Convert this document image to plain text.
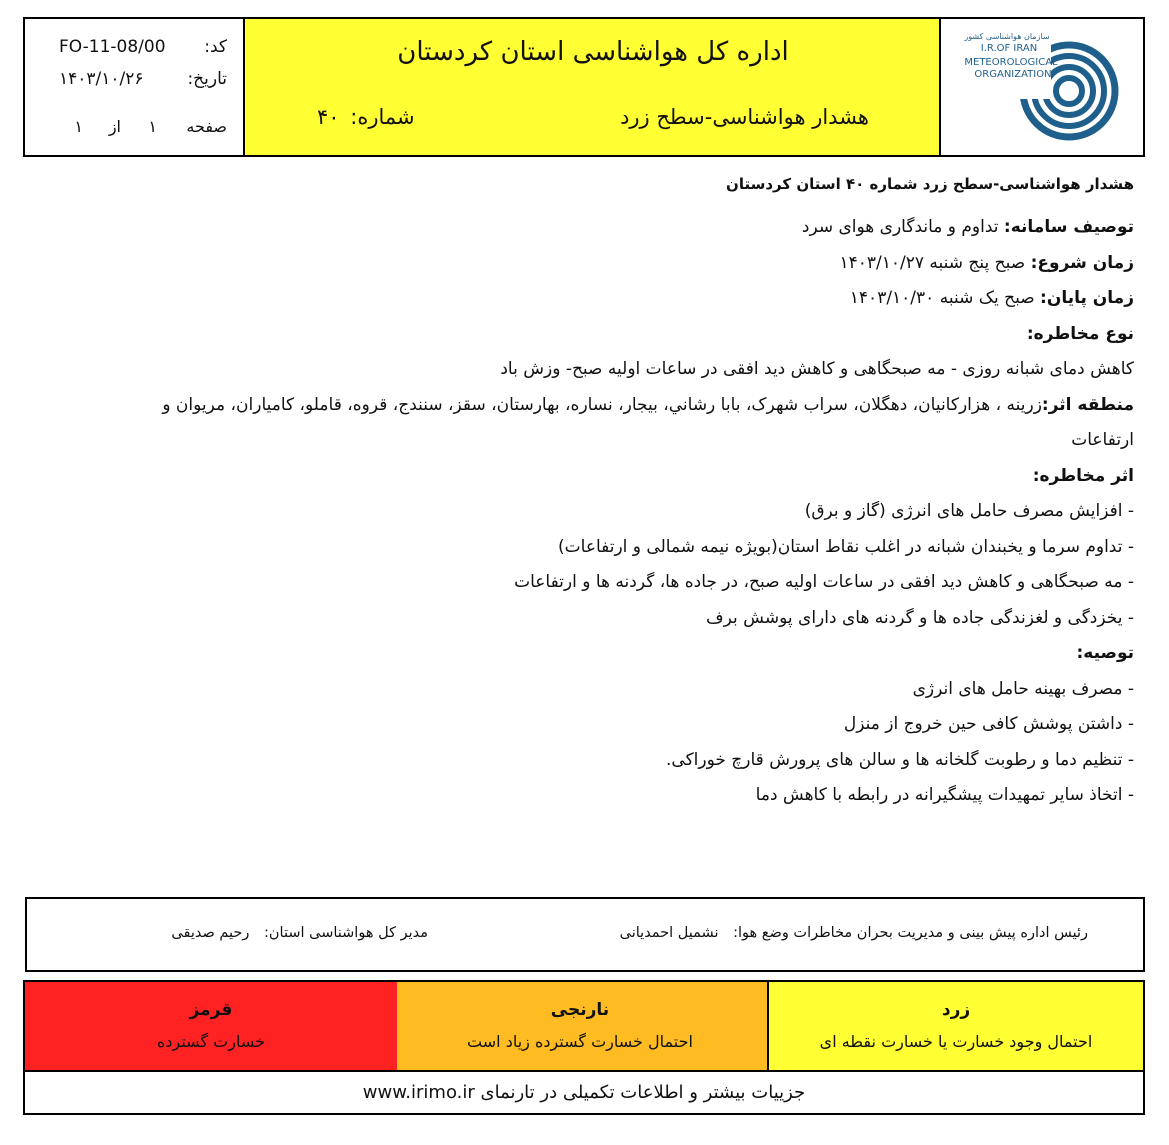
کد:
FO-11-08/00
تاریخ:
۱۴۰۳/۱۰/۲۶
صفحه
۱
از
۱
اداره کل هواشناسی استان کردستان
هشدار هواشناسی-سطح زرد
شماره: ۴۰
سازمان هواشناسی کشور
I.R.OF IRAN
METEOROLOGICAL
ORGANIZATION
هشدار هواشناسی-سطح زرد شماره ۴۰ استان کردستان
توصیف سامانه: تداوم و ماندگاری هوای سرد
زمان شروع: صبح پنج شنبه ۱۴۰۳/۱۰/۲۷
زمان پایان: صبح یک شنبه ۱۴۰۳/۱۰/۳۰
نوع مخاطره:
کاهش دمای شبانه روزی - مه صبحگاهی و کاهش دید افقی در ساعات اولیه صبح- وزش باد
منطقه اثر:زرینه ، هزارکانیان، دهگلان، سراب شهرک، بابا رشاني، بیجار، نساره، بهارستان، سقز، سنندج، قروه، قاملو، کامیاران، مریوان و
ارتفاعات
اثر مخاطره:
- افزایش مصرف حامل های انرژی (گاز و برق)
- تداوم سرما و یخبندان شبانه در اغلب نقاط استان(بویژه نیمه شمالی و ارتفاعات)
- مه صبحگاهی و کاهش دید افقی در ساعات اولیه صبح، در جاده ها، گردنه ها و ارتفاعات
- یخزدگی و لغزندگی جاده ها و گردنه های دارای پوشش برف
توصیه:
- مصرف بهینه حامل های انرژی
- داشتن پوشش کافی حین خروج از منزل
- تنظیم دما و رطوبت گلخانه ها و سالن های پرورش قارچ خوراکی.
- اتخاذ سایر تمهیدات پیشگیرانه در رابطه با کاهش دما
رئیس اداره پیش بینی و مدیریت بحران مخاطرات وضع هوا: نشمیل احمدیانی
مدیر کل هواشناسی استان: رحیم صدیقی
زرد
احتمال وجود خسارت یا خسارت نقطه ای
نارنجی
احتمال خسارت گسترده زیاد است
قرمز
خسارت گسترده
جزییات بیشتر و اطلاعات تکمیلی در تارنمای www.irimo.ir
